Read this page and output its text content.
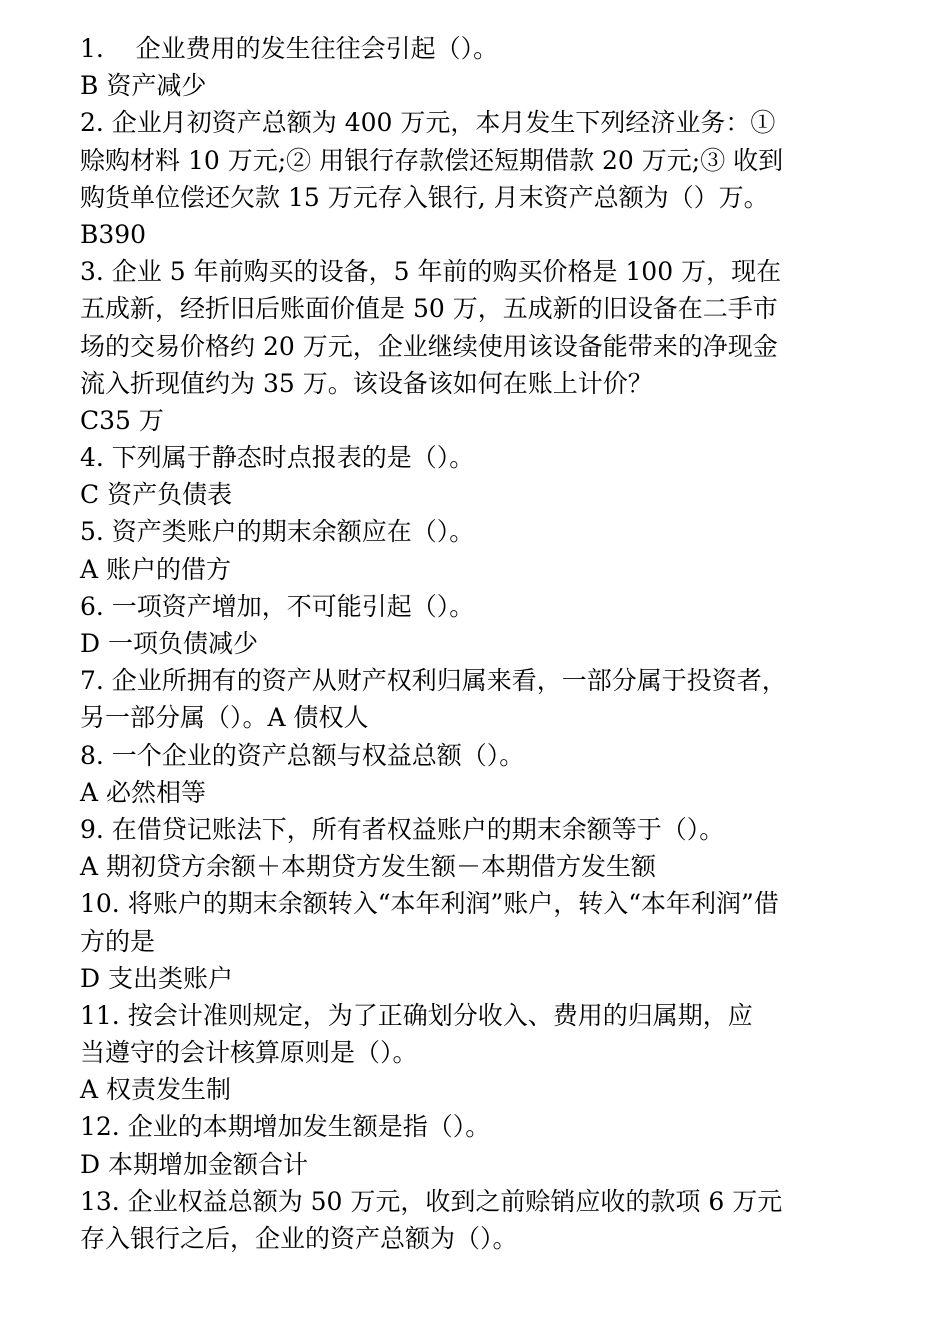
1.    企业费用的发生往往会引起（）。

B 资产减少

2. 企业月初资产总额为 400 万元，本月发生下列经济业务：①

赊购材料 10 万元;② 用银行存款偿还短期借款 20 万元;③ 收到

购货单位偿还欠款 15 万元存入银行, 月末资产总额为（）万。

B390

3. 企业 5 年前购买的设备，5 年前的购买价格是 100 万，现在

五成新，经折旧后账面价值是 50 万，五成新的旧设备在二手市

场的交易价格约 20 万元，企业继续使用该设备能带来的净现金

流入折现值约为 35 万。该设备该如何在账上计价？

C35 万

4. 下列属于静态时点报表的是（）。

C 资产负债表

5. 资产类账户的期末余额应在（）。

A 账户的借方

6. 一项资产增加，不可能引起（）。

D 一项负债减少

7. 企业所拥有的资产从财产权利归属来看，一部分属于投资者，

另一部分属（）。A 债权人

8. 一个企业的资产总额与权益总额（）。

A 必然相等

9. 在借贷记账法下，所有者权益账户的期末余额等于（）。

A 期初贷方余额＋本期贷方发生额－本期借方发生额

10. 将账户的期末余额转入“本年利润”账户，转入“本年利润”借

方的是

D 支出类账户

11. 按会计准则规定，为了正确划分收入、费用的归属期，应

当遵守的会计核算原则是（）。

A 权责发生制

12. 企业的本期增加发生额是指（）。

D 本期增加金额合计

13. 企业权益总额为 50 万元，收到之前赊销应收的款项 6 万元

存入银行之后，企业的资产总额为（）。
